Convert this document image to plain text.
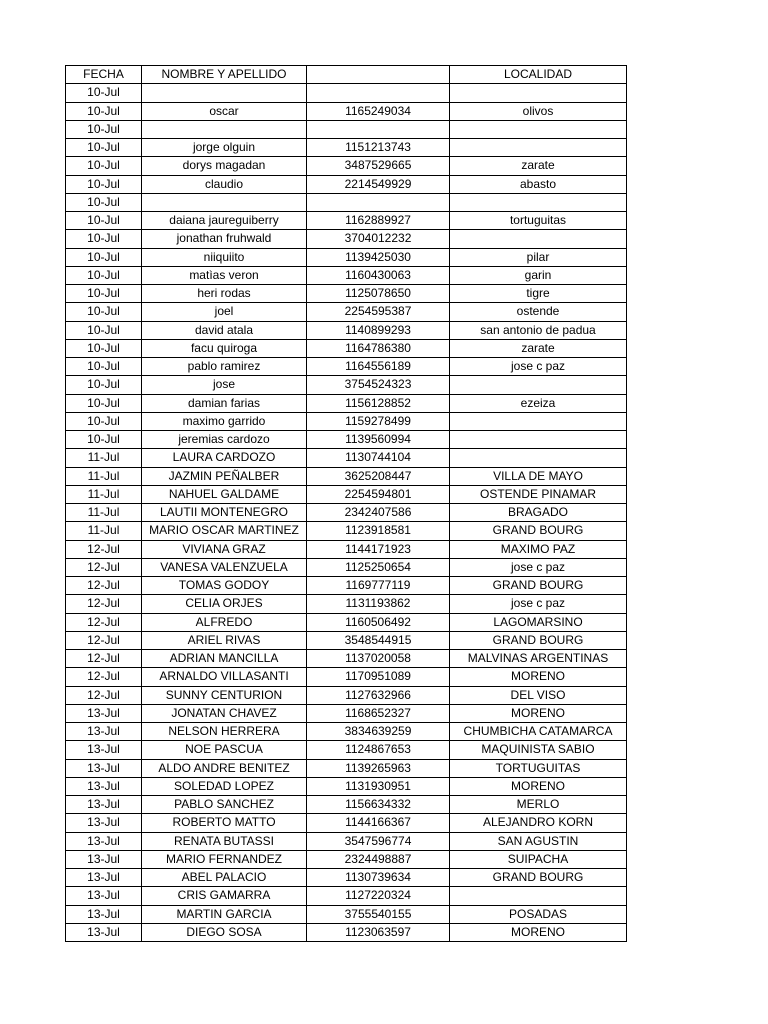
FECHA	NOMBRE Y APELLIDO		LOCALIDAD
10-Jul			
10-Jul	oscar	1165249034	olivos
10-Jul			
10-Jul	jorge olguin	1151213743	
10-Jul	dorys magadan	3487529665	zarate
10-Jul	claudio	2214549929	abasto
10-Jul			
10-Jul	daiana jaureguiberry	1162889927	tortuguitas
10-Jul	jonathan fruhwald	3704012232	
10-Jul	niiquiito	1139425030	pilar
10-Jul	matìas veron	1160430063	garin
10-Jul	heri rodas	1125078650	tigre
10-Jul	joel	2254595387	ostende
10-Jul	david atala	1140899293	san antonio de padua
10-Jul	facu quiroga	1164786380	zarate
10-Jul	pablo ramirez	1164556189	jose c paz
10-Jul	jose	3754524323	
10-Jul	damian farias	1156128852	ezeiza
10-Jul	maximo garrido	1159278499	
10-Jul	jeremias cardozo	1139560994	
11-Jul	LAURA CARDOZO	1130744104	
11-Jul	JAZMIN PEÑALBER	3625208447	VILLA DE MAYO
11-Jul	NAHUEL GALDAME	2254594801	OSTENDE PINAMAR
11-Jul	LAUTII MONTENEGRO	2342407586	BRAGADO
11-Jul	MARIO OSCAR MARTINEZ	1123918581	GRAND BOURG
12-Jul	VIVIANA GRAZ	1144171923	MAXIMO PAZ
12-Jul	VANESA VALENZUELA	1125250654	jose c paz
12-Jul	TOMAS GODOY	1169777119	GRAND BOURG
12-Jul	CELIA ORJES	1131193862	jose c paz
12-Jul	ALFREDO	1160506492	LAGOMARSINO
12-Jul	ARIEL RIVAS	3548544915	GRAND BOURG
12-Jul	ADRIAN MANCILLA	1137020058	MALVINAS ARGENTINAS
12-Jul	ARNALDO VILLASANTI	1170951089	MORENO
12-Jul	SUNNY CENTURION	1127632966	DEL VISO
13-Jul	JONATAN CHAVEZ	1168652327	MORENO
13-Jul	NELSON HERRERA	3834639259	CHUMBICHA CATAMARCA
13-Jul	NOE PASCUA	1124867653	MAQUINISTA SABIO
13-Jul	ALDO ANDRE BENITEZ	1139265963	TORTUGUITAS
13-Jul	SOLEDAD LOPEZ	1131930951	MORENO
13-Jul	PABLO SANCHEZ	1156634332	MERLO
13-Jul	ROBERTO MATTO	1144166367	ALEJANDRO KORN
13-Jul	RENATA BUTASSI	3547596774	SAN AGUSTIN
13-Jul	MARIO FERNANDEZ	2324498887	SUIPACHA
13-Jul	ABEL PALACIO	1130739634	GRAND BOURG
13-Jul	CRIS GAMARRA	1127220324	
13-Jul	MARTIN GARCIA	3755540155	POSADAS
13-Jul	DIEGO SOSA	1123063597	MORENO
